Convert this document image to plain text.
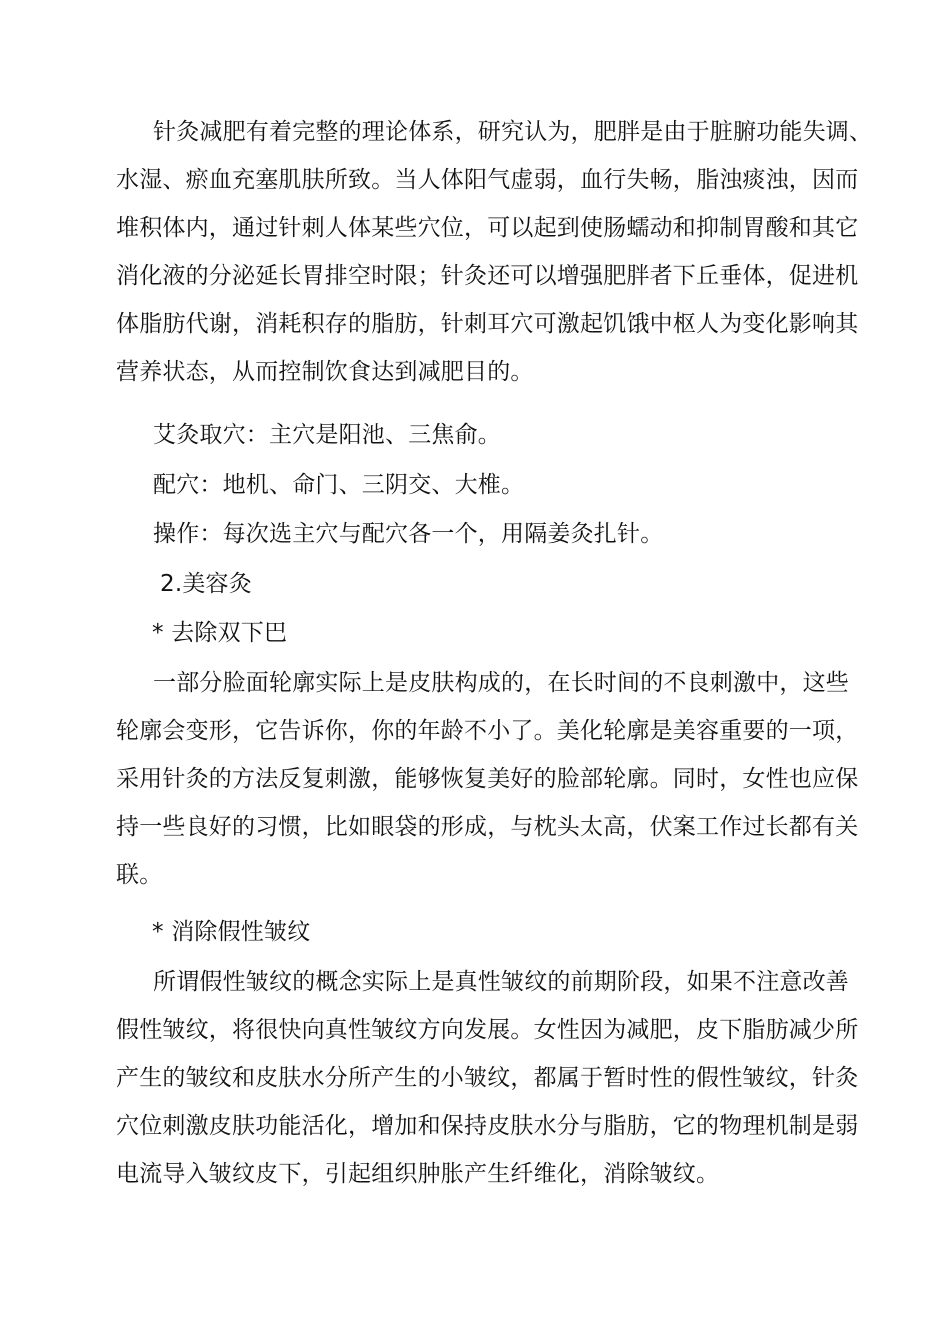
针灸减肥有着完整的理论体系，研究认为，肥胖是由于脏腑功能失调、
水湿、瘀血充塞肌肤所致。当人体阳气虚弱，血行失畅，脂浊痰浊，因而
堆积体内，通过针刺人体某些穴位，可以起到使肠蠕动和抑制胃酸和其它
消化液的分泌延长胃排空时限；针灸还可以增强肥胖者下丘垂体，促进机
体脂肪代谢，消耗积存的脂肪，针刺耳穴可激起饥饿中枢人为变化影响其
营养状态，从而控制饮食达到减肥目的。
艾灸取穴：主穴是阳池、三焦俞。
配穴：地机、命门、三阴交、大椎。
操作：每次选主穴与配穴各一个，用隔姜灸扎针。
2.美容灸
* 去除双下巴
一部分脸面轮廓实际上是皮肤构成的，在长时间的不良刺激中，这些
轮廓会变形，它告诉你，你的年龄不小了。美化轮廓是美容重要的一项，
采用针灸的方法反复刺激，能够恢复美好的脸部轮廓。同时，女性也应保
持一些良好的习惯，比如眼袋的形成，与枕头太高，伏案工作过长都有关
联。
* 消除假性皱纹
所谓假性皱纹的概念实际上是真性皱纹的前期阶段，如果不注意改善
假性皱纹，将很快向真性皱纹方向发展。女性因为减肥，皮下脂肪减少所
产生的皱纹和皮肤水分所产生的小皱纹，都属于暂时性的假性皱纹，针灸
穴位刺激皮肤功能活化，增加和保持皮肤水分与脂肪，它的物理机制是弱
电流导入皱纹皮下，引起组织肿胀产生纤维化，消除皱纹。
